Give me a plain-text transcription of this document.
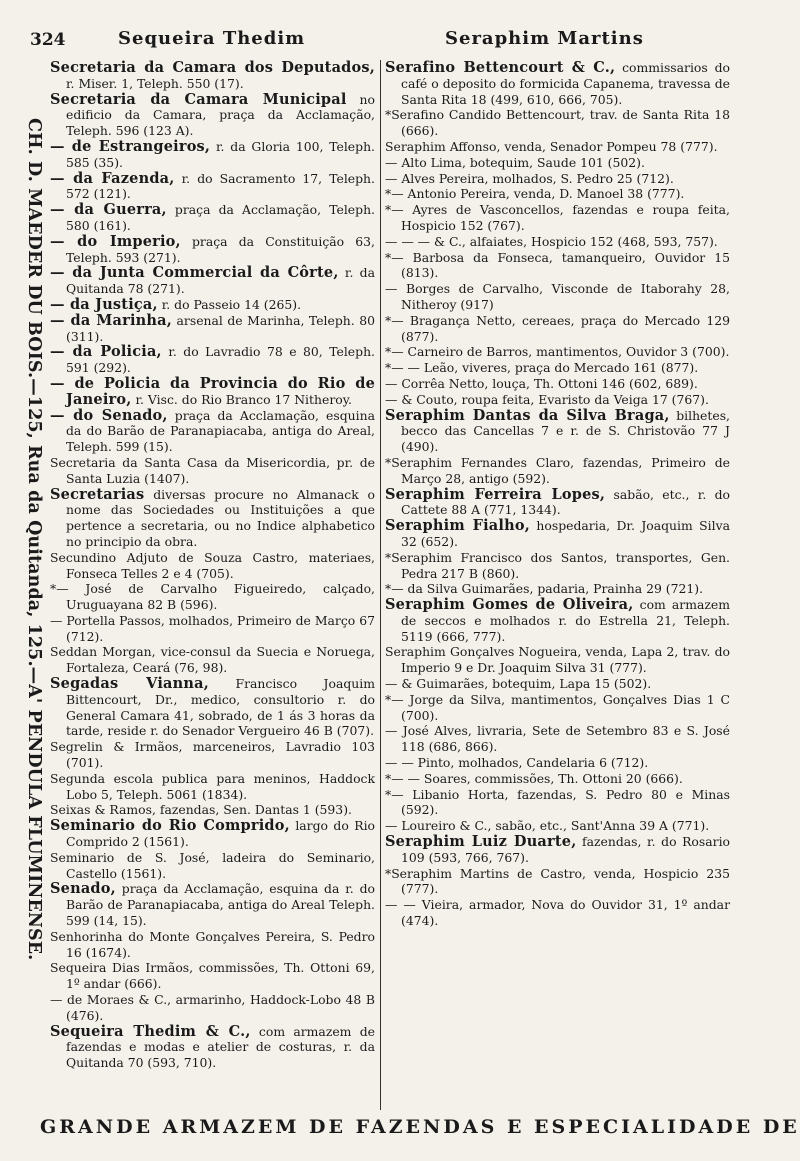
324	Sequeira Thedim	Seraphim Martins
CH. D. MAEDER DU BOIS.—125, Rua da Quitanda, 125.—A' PENDULA FLUMINENSE.
Secretaria da Camara dos Deputados, r. Miser. 1, Teleph. 550 (17).
Secretaria da Camara Municipal no edificio da Camara, praça da Acclamação, Teleph. 596 (123 A).
— de Estrangeiros, r. da Gloria 100, Teleph. 585 (35).
— da Fazenda, r. do Sacramento 17, Teleph. 572 (121).
— da Guerra, praça da Acclamação, Teleph. 580 (161).
— do Imperio, praça da Constituição 63, Teleph. 593 (271).
— da Junta Commercial da Côrte, r. da Quitanda 78 (271).
— da Justiça, r. do Passeio 14 (265).
— da Marinha, arsenal de Marinha, Teleph. 80 (311).
— da Policia, r. do Lavradio 78 e 80, Teleph. 591 (292).
— de Policia da Provincia do Rio de Janeiro, r. Visc. do Rio Branco 17 Nitheroy.
— do Senado, praça da Acclamação, esquina da do Barão de Paranapiacaba, antiga do Areal, Teleph. 599 (15).
Secretaria da Santa Casa da Misericordia, pr. de Santa Luzia (1407).
Secretarias diversas procure no Almanack o nome das Sociedades ou Instituições a que pertence a secretaria, ou no Indice alphabetico no principio da obra.
Secundino Adjuto de Souza Castro, materiaes, Fonseca Telles 2 e 4 (705).
*— José de Carvalho Figueiredo, calçado, Uruguayana 82 B (596).
— Portella Passos, molhados, Primeiro de Março 67 (712).
Seddan Morgan, vice-consul da Suecia e Noruega, Fortaleza, Ceará (76, 98).
Segadas Vianna, Francisco Joaquim Bittencourt, Dr., medico, consultorio r. do General Camara 41, sobrado, de 1 ás 3 horas da tarde, reside r. do Senador Vergueiro 46 B (707).
Segrelin & Irmãos, marceneiros, Lavradio 103 (701).
Segunda escola publica para meninos, Haddock Lobo 5, Teleph. 5061 (1834).
Seixas & Ramos, fazendas, Sen. Dantas 1 (593).
Seminario do Rio Comprido, largo do Rio Comprido 2 (1561).
Seminario de S. José, ladeira do Seminario, Castello (1561).
Senado, praça da Acclamação, esquina da r. do Barão de Paranapiacaba, antiga do Areal Teleph. 599 (14, 15).
Senhorinha do Monte Gonçalves Pereira, S. Pedro 16 (1674).
Sequeira Dias Irmãos, commissões, Th. Ottoni 69, 1º andar (666).
— de Moraes & C., armarinho, Haddock-Lobo 48 B (476).
Sequeira Thedim & C., com armazem de fazendas e modas e atelier de costuras, r. da Quitanda 70 (593, 710).
Serafino Bettencourt & C., commissarios do café o deposito do formicida Capanema, travessa de Santa Rita 18 (499, 610, 666, 705).
*Serafino Candido Bettencourt, trav. de Santa Rita 18 (666).
Seraphim Affonso, venda, Senador Pompeu 78 (777).
— Alto Lima, botequim, Saude 101 (502).
— Alves Pereira, molhados, S. Pedro 25 (712).
*— Antonio Pereira, venda, D. Manoel 38 (777).
*— Ayres de Vasconcellos, fazendas e roupa feita, Hospicio 152 (767).
— — — & C., alfaiates, Hospicio 152 (468, 593, 757).
*— Barbosa da Fonseca, tamanqueiro, Ouvidor 15 (813).
— Borges de Carvalho, Visconde de Itaborahy 28, Nitheroy (917)
*— Bragança Netto, cereaes, praça do Mercado 129 (877).
*— Carneiro de Barros, mantimentos, Ouvidor 3 (700).
*— — Leão, viveres, praça do Mercado 161 (877).
— Corrêa Netto, louça, Th. Ottoni 146 (602, 689).
— & Couto, roupa feita, Evaristo da Veiga 17 (767).
Seraphim Dantas da Silva Braga, bilhetes, becco das Cancellas 7 e r. de S. Christovão 77 J (490).
*Seraphim Fernandes Claro, fazendas, Primeiro de Março 28, antigo (592).
Seraphim Ferreira Lopes, sabão, etc., r. do Cattete 88 A (771, 1344).
Seraphim Fialho, hospedaria, Dr. Joaquim Silva 32 (652).
*Seraphim Francisco dos Santos, transportes, Gen. Pedra 217 B (860).
*— da Silva Guimarães, padaria, Prainha 29 (721).
Seraphim Gomes de Oliveira, com armazem de seccos e molhados r. do Estrella 21, Teleph. 5119 (666, 777).
Seraphim Gonçalves Nogueira, venda, Lapa 2, trav. do Imperio 9 e Dr. Joaquim Silva 31 (777).
— & Guimarães, botequim, Lapa 15 (502).
*— Jorge da Silva, mantimentos, Gonçalves Dias 1 C (700).
— José Alves, livraria, Sete de Setembro 83 e S. José 118 (686, 866).
— — Pinto, molhados, Candelaria 6 (712).
*— — Soares, commissões, Th. Ottoni 20 (666).
*— Libanio Horta, fazendas, S. Pedro 80 e Minas (592).
— Loureiro & C., sabão, etc., Sant'Anna 39 A (771).
Seraphim Luiz Duarte, fazendas, r. do Rosario 109 (593, 766, 767).
*Seraphim Martins de Castro, venda, Hospicio 235 (777).
— — Vieira, armador, Nova do Ouvidor 31, 1º andar (474).
GRANDE ARMAZEM DE FAZENDAS E ESPECIALIDADE DE
